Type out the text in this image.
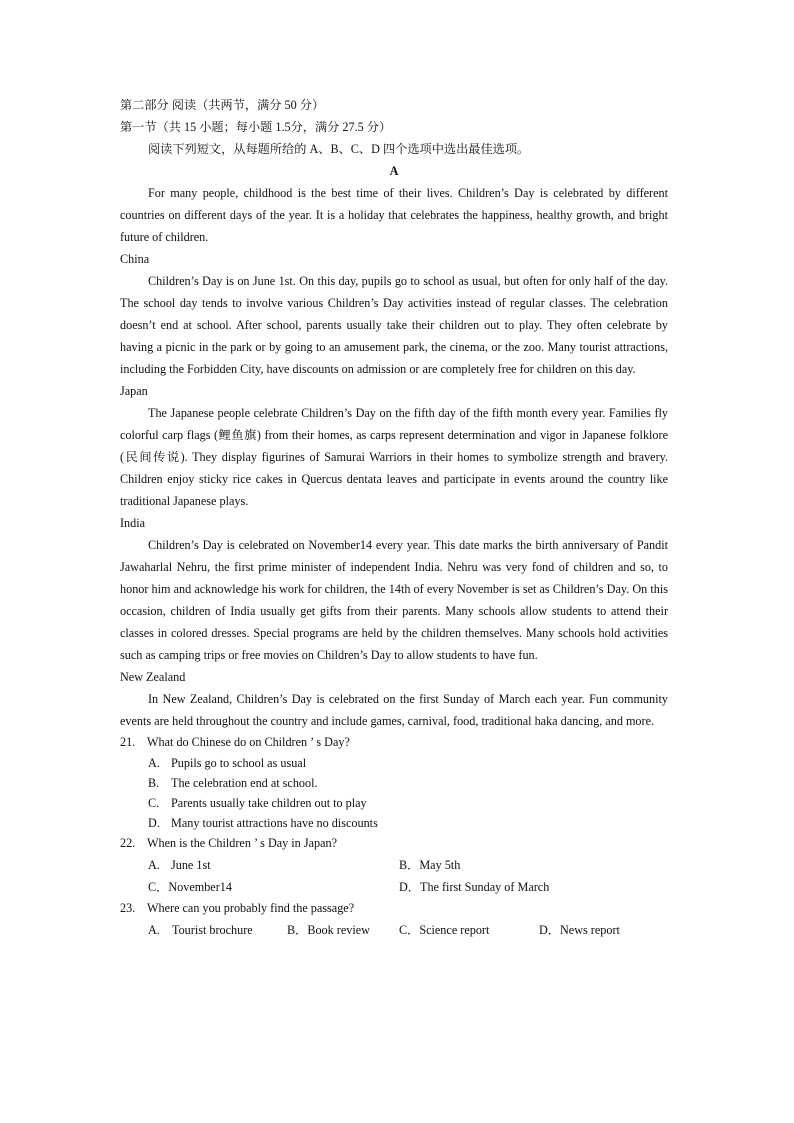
第二部分 阅读（共两节，满分 50 分）
第一节（共 15 小题；每小题 1.5分，满分 27.5 分）
阅读下列短文，从每题所给的 A、B、C、D 四个选项中选出最佳选项。
A
For many people, childhood is the best time of their lives. Children’s Day is celebrated by different countries on different days of the year. It is a holiday that celebrates the happiness, healthy growth, and bright future of children.
China
Children’s Day is on June 1st. On this day, pupils go to school as usual, but often for only half of the day. The school day tends to involve various Children’s Day activities instead of regular classes. The celebration doesn’t end at school. After school, parents usually take their children out to play. They often celebrate by having a picnic in the park or by going to an amusement park, the cinema, or the zoo. Many tourist attractions, including the Forbidden City, have discounts on admission or are completely free for children on this day.
Japan
The Japanese people celebrate Children’s Day on the fifth day of the fifth month every year. Families fly colorful carp flags (鲤鱼旗) from their homes, as carps represent determination and vigor in Japanese folklore (民间传说). They display figurines of Samurai Warriors in their homes to symbolize strength and bravery. Children enjoy sticky rice cakes in Quercus dentata leaves and participate in events around the country like traditional Japanese plays.
India
Children’s Day is celebrated on November14 every year. This date marks the birth anniversary of Pandit Jawaharlal Nehru, the first prime minister of independent India. Nehru was very fond of children and so, to honor him and acknowledge his work for children, the 14th of every November is set as Children’s Day. On this occasion, children of India usually get gifts from their parents. Many schools allow students to attend their classes in colored dresses. Special programs are held by the children themselves. Many schools hold activities such as camping trips or free movies on Children’s Day to allow students to have fun.
New Zealand
In New Zealand, Children’s Day is celebrated on the first Sunday of March each year. Fun community events are held throughout the country and include games, carnival, food, traditional haka dancing, and more.
21. What do Chinese do on Children ’ s Day?
A. Pupils go to school as usual
B. The celebration end at school.
C. Parents usually take children out to play
D. Many tourist attractions have no discounts
22. When is the Children ’ s Day in Japan?
A. June 1st	B．May 5th
C．November14	D．The first Sunday of March
23. Where can you probably find the passage?
A. Tourist brochure	B．Book review	C．Science report	D．News report
